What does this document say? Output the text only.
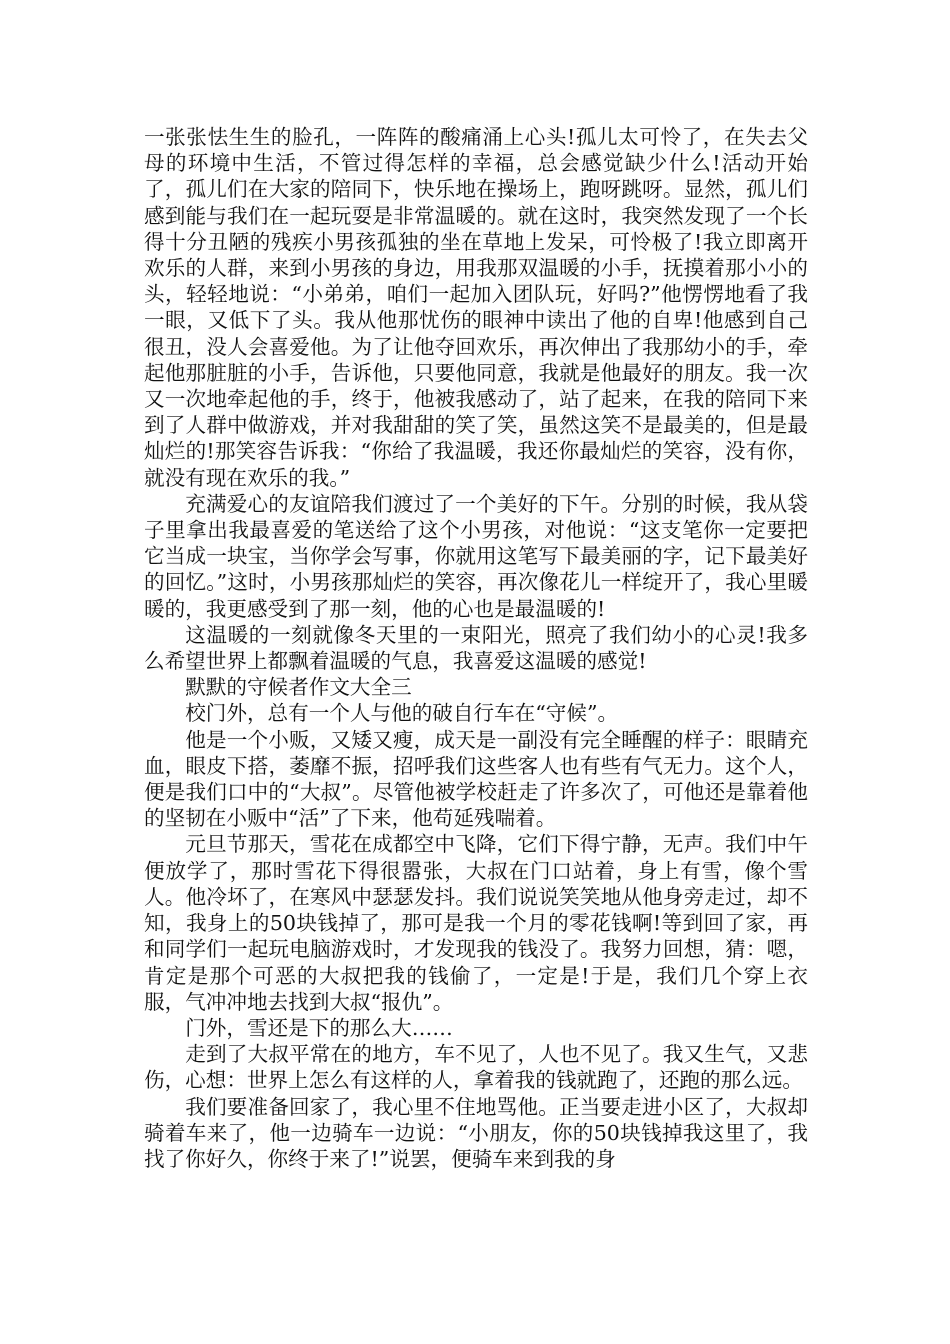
一张张怯生生的脸孔，一阵阵的酸痛涌上心头!孤儿太可怜了，在失去父母的环境中生活，不管过得怎样的幸福，总会感觉缺少什么!活动开始了，孤儿们在大家的陪同下，快乐地在操场上，跑呀跳呀。显然，孤儿们感到能与我们在一起玩耍是非常温暖的。就在这时，我突然发现了一个长得十分丑陋的残疾小男孩孤独的坐在草地上发呆，可怜极了!我立即离开欢乐的人群，来到小男孩的身边，用我那双温暖的小手，抚摸着那小小的头，轻轻地说：“小弟弟，咱们一起加入团队玩，好吗?”他愣愣地看了我一眼，又低下了头。我从他那忧伤的眼神中读出了他的自卑!他感到自己很丑，没人会喜爱他。为了让他夺回欢乐，再次伸出了我那幼小的手，牵起他那脏脏的小手，告诉他，只要他同意，我就是他最好的朋友。我一次又一次地牵起他的手，终于，他被我感动了，站了起来，在我的陪同下来到了人群中做游戏，并对我甜甜的笑了笑，虽然这笑不是最美的，但是最灿烂的!那笑容告诉我：“你给了我温暖，我还你最灿烂的笑容，没有你，就没有现在欢乐的我。”

充满爱心的友谊陪我们渡过了一个美好的下午。分别的时候，我从袋子里拿出我最喜爱的笔送给了这个小男孩，对他说：“这支笔你一定要把它当成一块宝，当你学会写事，你就用这笔写下最美丽的字，记下最美好的回忆。”这时，小男孩那灿烂的笑容，再次像花儿一样绽开了，我心里暖暖的，我更感受到了那一刻，他的心也是最温暖的!

这温暖的一刻就像冬天里的一束阳光，照亮了我们幼小的心灵!我多么希望世界上都飘着温暖的气息，我喜爱这温暖的感觉!

默默的守候者作文大全三

校门外，总有一个人与他的破自行车在“守候”。

他是一个小贩，又矮又瘦，成天是一副没有完全睡醒的样子：眼睛充血，眼皮下搭，萎靡不振，招呼我们这些客人也有些有气无力。这个人，便是我们口中的“大叔”。尽管他被学校赶走了许多次了，可他还是靠着他的坚韧在小贩中“活”了下来，他苟延残喘着。

元旦节那天，雪花在成都空中飞降，它们下得宁静，无声。我们中午便放学了，那时雪花下得很嚣张，大叔在门口站着，身上有雪，像个雪人。他冷坏了，在寒风中瑟瑟发抖。我们说说笑笑地从他身旁走过，却不知，我身上的50块钱掉了，那可是我一个月的零花钱啊!等到回了家，再和同学们一起玩电脑游戏时，才发现我的钱没了。我努力回想，猜：嗯，肯定是那个可恶的大叔把我的钱偷了，一定是!于是，我们几个穿上衣服，气冲冲地去找到大叔“报仇”。

门外，雪还是下的那么大……

走到了大叔平常在的地方，车不见了，人也不见了。我又生气，又悲伤，心想：世界上怎么有这样的人，拿着我的钱就跑了，还跑的那么远。

我们要准备回家了，我心里不住地骂他。正当要走进小区了，大叔却骑着车来了，他一边骑车一边说：“小朋友，你的50块钱掉我这里了，我找了你好久，你终于来了!”说罢，便骑车来到我的身
